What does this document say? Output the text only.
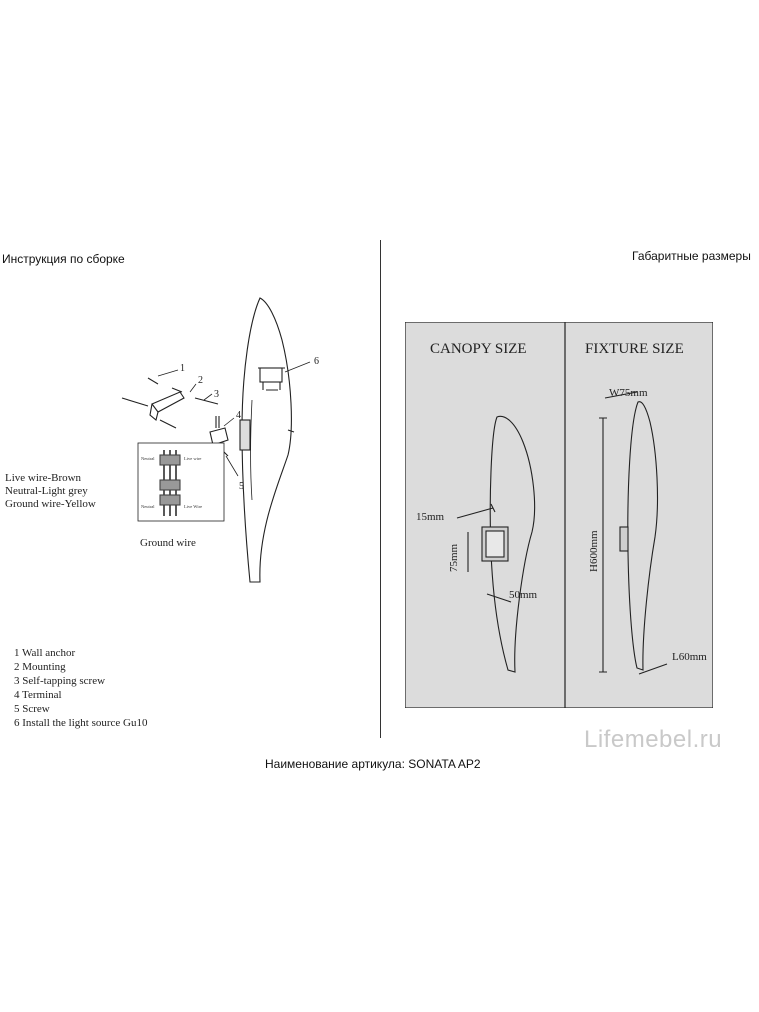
Инструкция по сборке	Габаритные размеры
1
2
3
4
5
6
Neutral
Neutral
Live wire
Live Wire
Live wire-Brown
Neutral-Light grey
Ground wire-Yellow
Ground wire
1 Wall anchor
2 Mounting
3 Self-tapping screw
4 Terminal
5 Screw
6 Install the light source Gu10
CANOPY SIZE	FIXTURE SIZE
15mm
75mm
50mm
W75mm
H600mm
L60mm
Lifemebel.ru
Наименование артикула: SONATA AP2
